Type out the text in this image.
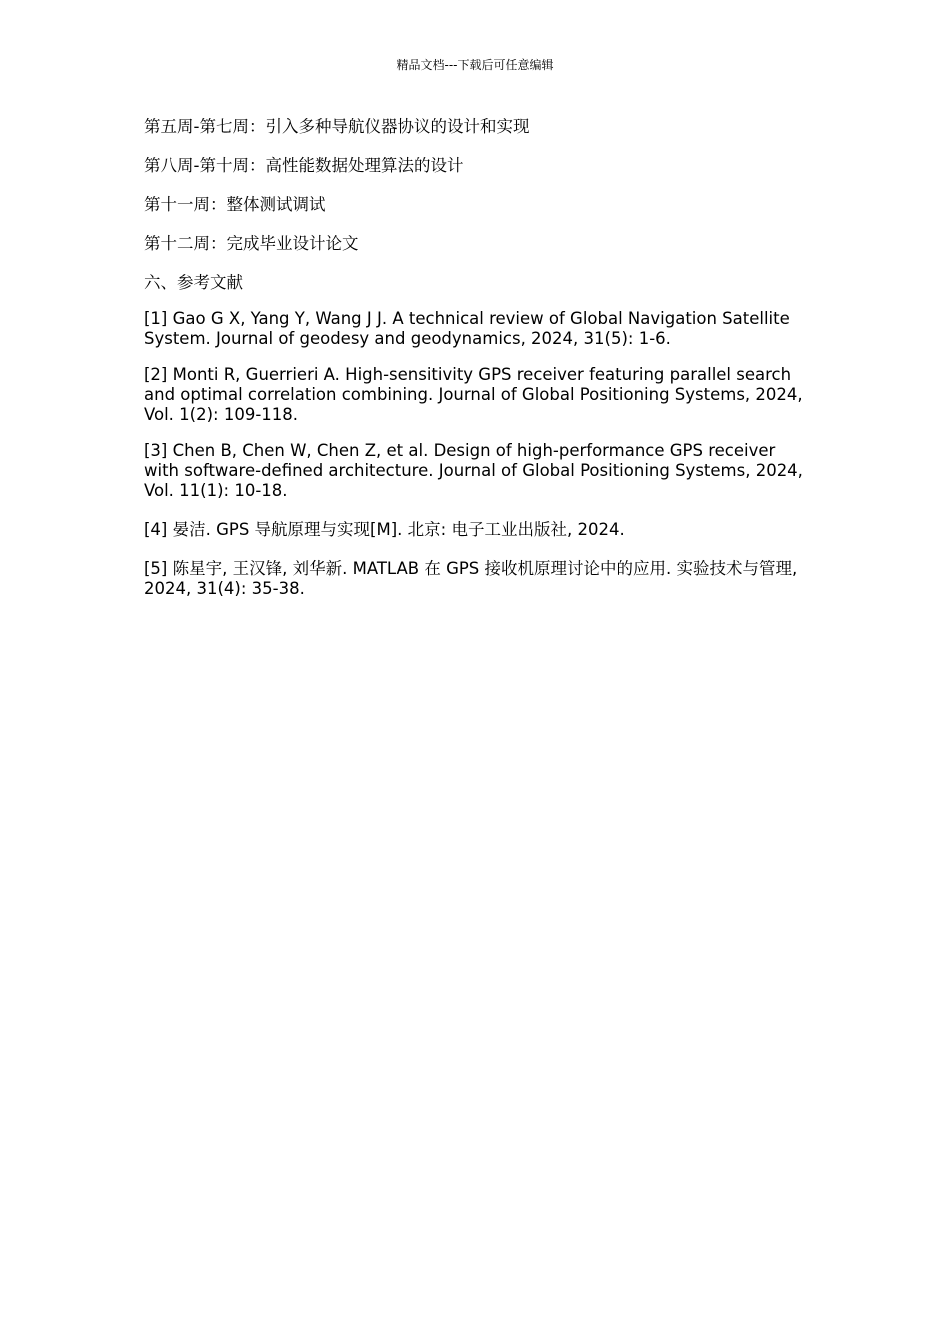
精品文档---下载后可任意编辑

第五周-第七周：引入多种导航仪器协议的设计和实现

第八周-第十周：高性能数据处理算法的设计

第十一周：整体测试调试

第十二周：完成毕业设计论文

六、参考文献

[1] Gao G X, Yang Y, Wang J J. A technical review of Global Navigation Satellite System. Journal of geodesy and geodynamics, 2024, 31(5): 1-6.

[2] Monti R, Guerrieri A. High-sensitivity GPS receiver featuring parallel search and optimal correlation combining. Journal of Global Positioning Systems, 2024, Vol. 1(2): 109-118.

[3] Chen B, Chen W, Chen Z, et al. Design of high-performance GPS receiver with software-defined architecture. Journal of Global Positioning Systems, 2024, Vol. 11(1): 10-18.

[4] 晏洁. GPS 导航原理与实现[M]. 北京: 电子工业出版社, 2024.

[5] 陈星宇, 王汉锋, 刘华新. MATLAB 在 GPS 接收机原理讨论中的应用. 实验技术与管理, 2024, 31(4): 35-38.
